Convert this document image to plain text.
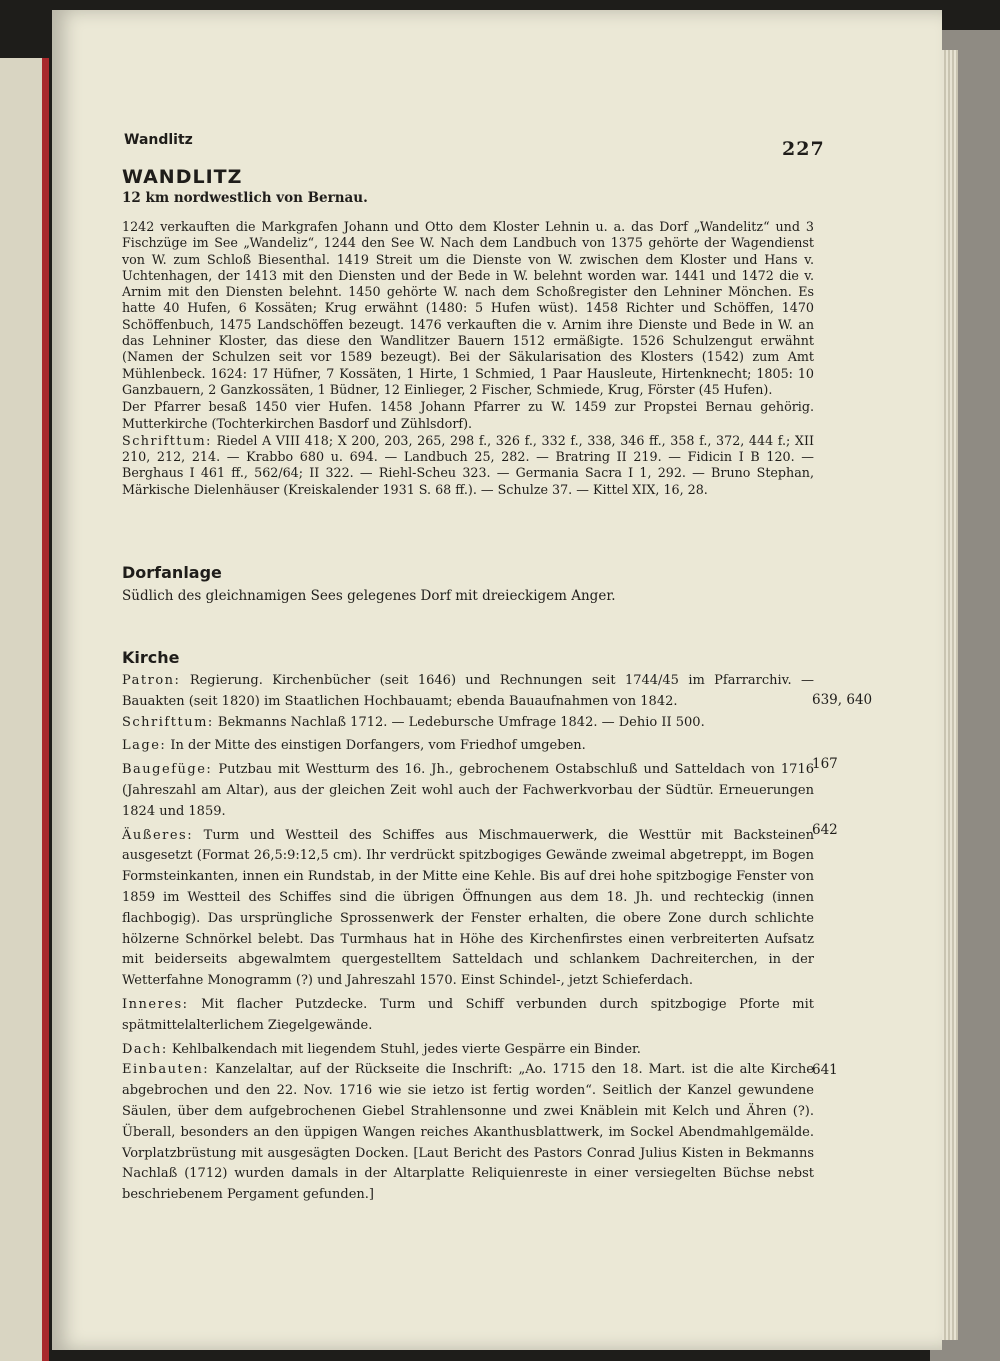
Wandlitz	227
WANDLITZ
12 km nordwestlich von Bernau.

1242 verkauften die Markgrafen Johann und Otto dem Kloster Lehnin u. a. das Dorf „Wandelitz“ und 3 Fischzüge im See „Wandeliz“, 1244 den See W. Nach dem Landbuch von 1375 gehörte der Wagendienst von W. zum Schloß Biesenthal. 1419 Streit um die Dienste von W. zwischen dem Kloster und Hans v. Uchtenhagen, der 1413 mit den Diensten und der Bede in W. belehnt worden war. 1441 und 1472 die v. Arnim mit den Diensten belehnt. 1450 gehörte W. nach dem Schoßregister den Lehniner Mönchen. Es hatte 40 Hufen, 6 Kossäten; Krug erwähnt (1480: 5 Hufen wüst). 1458 Richter und Schöffen, 1470 Schöffenbuch, 1475 Landschöffen bezeugt. 1476 verkauften die v. Arnim ihre Dienste und Bede in W. an das Lehniner Kloster, das diese den Wandlitzer Bauern 1512 ermäßigte. 1526 Schulzengut erwähnt (Namen der Schulzen seit vor 1589 bezeugt). Bei der Säkularisation des Klosters (1542) zum Amt Mühlenbeck. 1624: 17 Hüfner, 7 Kossäten, 1 Hirte, 1 Schmied, 1 Paar Hausleute, Hirtenknecht; 1805: 10 Ganzbauern, 2 Ganzkossäten, 1 Büdner, 12 Einlieger, 2 Fischer, Schmiede, Krug, Förster (45 Hufen).

Der Pfarrer besaß 1450 vier Hufen. 1458 Johann Pfarrer zu W. 1459 zur Propstei Bernau gehörig. Mutterkirche (Tochterkirchen Basdorf und Zühlsdorf).

Schrifttum: Riedel A VIII 418; X 200, 203, 265, 298 f., 326 f., 332 f., 338, 346 ff., 358 f., 372, 444 f.; XII 210, 212, 214. — Krabbo 680 u. 694. — Landbuch 25, 282. — Bratring II 219. — Fidicin I B 120. — Berghaus I 461 ff., 562/64; II 322. — Riehl-Scheu 323. — Germania Sacra I 1, 292. — Bruno Stephan, Märkische Dielenhäuser (Kreiskalender 1931 S. 68 ff.). — Schulze 37. — Kittel XIX, 16, 28.

Dorfanlage
Südlich des gleichnamigen Sees gelegenes Dorf mit dreieckigem Anger.
Kirche

Patron: Regierung. Kirchenbücher (seit 1646) und Rechnungen seit 1744/45 im Pfarrarchiv. — Bauakten (seit 1820) im Staatlichen Hochbauamt; ebenda Bauaufnahmen von 1842.

Schrifttum: Bekmanns Nachlaß 1712. — Ledebursche Umfrage 1842. — Dehio II 500.

Lage: In der Mitte des einstigen Dorfangers, vom Friedhof umgeben.

Baugefüge: Putzbau mit Westturm des 16. Jh., gebrochenem Ostabschluß und Satteldach von 1716 (Jahreszahl am Altar), aus der gleichen Zeit wohl auch der Fachwerkvorbau der Südtür. Erneuerungen 1824 und 1859.

Äußeres: Turm und Westteil des Schiffes aus Mischmauerwerk, die Westtür mit Backsteinen ausgesetzt (Format 26,5:9:12,5 cm). Ihr verdrückt spitzbogiges Gewände zweimal abgetreppt, im Bogen Formsteinkanten, innen ein Rundstab, in der Mitte eine Kehle. Bis auf drei hohe spitzbogige Fenster von 1859 im Westteil des Schiffes sind die übrigen Öffnungen aus dem 18. Jh. und rechteckig (innen flachbogig). Das ursprüngliche Sprossenwerk der Fenster erhalten, die obere Zone durch schlichte hölzerne Schnörkel belebt. Das Turmhaus hat in Höhe des Kirchenfirstes einen verbreiterten Aufsatz mit beiderseits abgewalmtem quergestelltem Satteldach und schlankem Dachreiterchen, in der Wetterfahne Monogramm (?) und Jahreszahl 1570. Einst Schindel-, jetzt Schieferdach.

Inneres: Mit flacher Putzdecke. Turm und Schiff verbunden durch spitzbogige Pforte mit spätmittelalterlichem Ziegelgewände.

Dach: Kehlbalkendach mit liegendem Stuhl, jedes vierte Gespärre ein Binder.

Einbauten: Kanzelaltar, auf der Rückseite die Inschrift: „Ao. 1715 den 18. Mart. ist die alte Kirche abgebrochen und den 22. Nov. 1716 wie sie ietzo ist fertig worden“. Seitlich der Kanzel gewundene Säulen, über dem aufgebrochenen Giebel Strahlensonne und zwei Knäblein mit Kelch und Ähren (?). Überall, besonders an den üppigen Wangen reiches Akanthusblattwerk, im Sockel Abendmahlgemälde. Vorplatzbrüstung mit ausgesägten Docken. [Laut Bericht des Pastors Conrad Julius Kisten in Bekmanns Nachlaß (1712) wurden damals in der Altarplatte Reliquienreste in einer versiegelten Büchse nebst beschriebenem Pergament gefunden.]

639, 640
167
642
641
